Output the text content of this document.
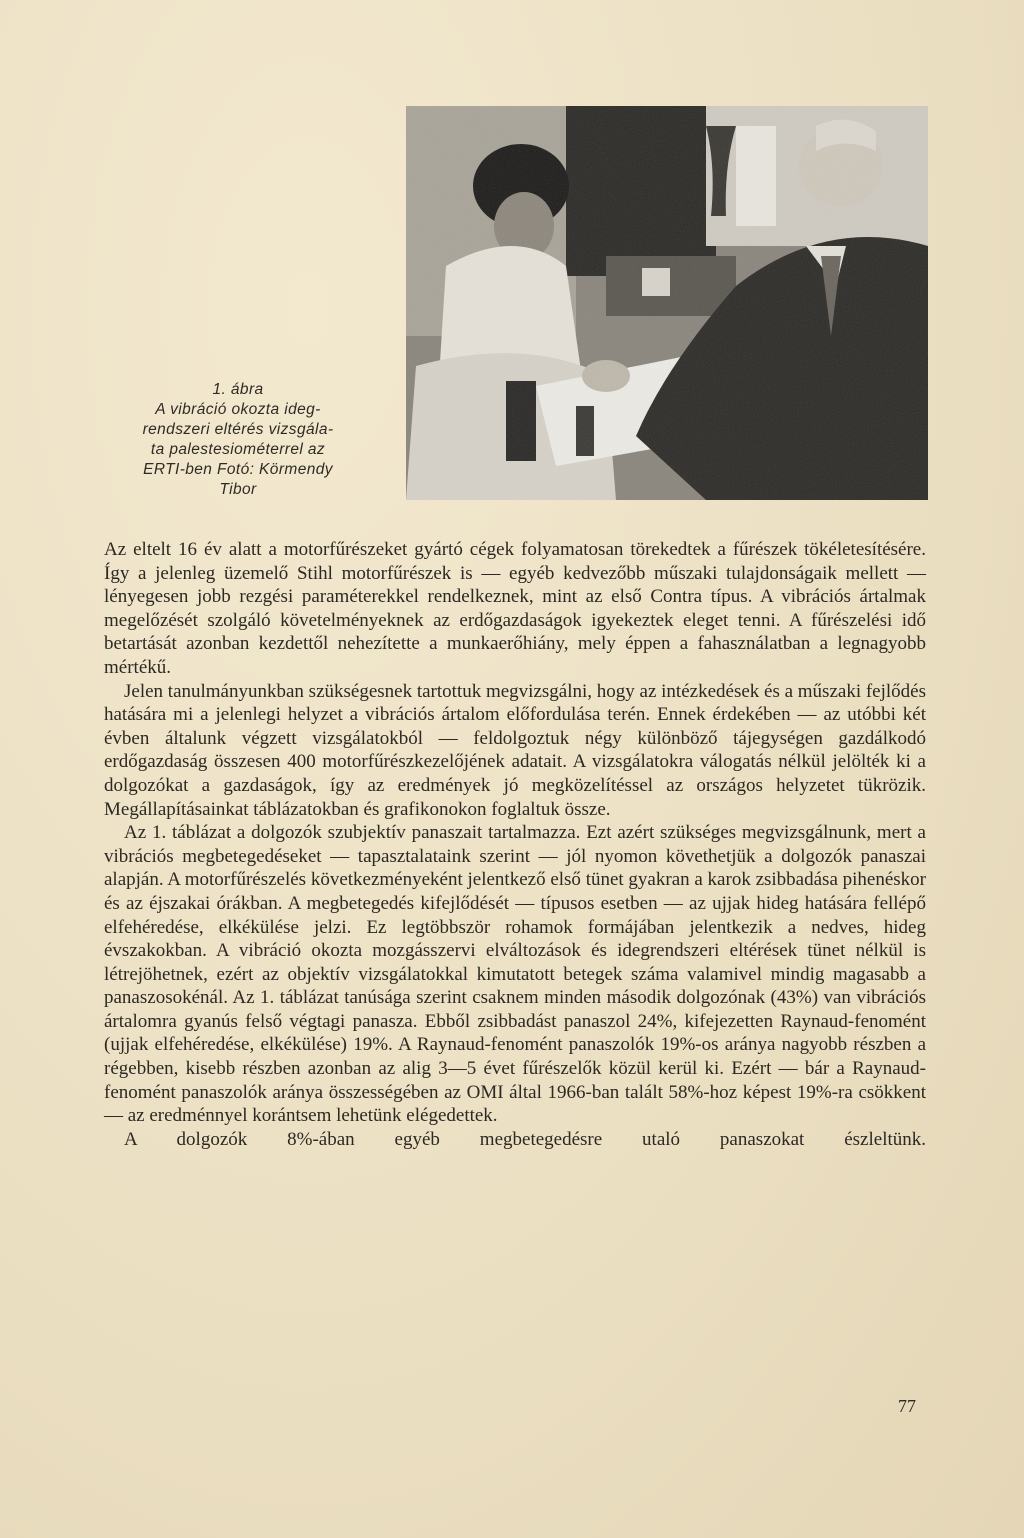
1. ábra
A vibráció okozta ideg-
rendszeri eltérés vizsgála-
ta palestesiométerrel az
ERTI-ben Fotó: Körmendy
Tibor

Az eltelt 16 év alatt a motorfűrészeket gyártó cégek folyamatosan törekedtek a fűrészek tökéletesítésére. Így a jelenleg üzemelő Stihl motorfűrészek is — egyéb kedvezőbb műszaki tulajdonságaik mellett — lényegesen jobb rezgési paraméterekkel rendelkeznek, mint az első Contra típus. A vibrációs ártalmak megelőzését szolgáló követelményeknek az erdőgazdaságok igyekeztek eleget tenni. A fűrészelési idő betartását azonban kezdettől nehezítette a munkaerőhiány, mely éppen a fahasználatban a legnagyobb mértékű.

Jelen tanulmányunkban szükségesnek tartottuk megvizsgálni, hogy az intézkedések és a műszaki fejlődés hatására mi a jelenlegi helyzet a vibrációs ártalom előfordulása terén. Ennek érdekében — az utóbbi két évben általunk végzett vizsgálatokból — feldolgoztuk négy különböző tájegységen gazdálkodó erdőgazdaság összesen 400 motorfűrészkezelőjének adatait. A vizsgálatokra válogatás nélkül jelölték ki a dolgozókat a gazdaságok, így az eredmények jó megközelítéssel az országos helyzetet tükrözik. Megállapításainkat táblázatokban és grafikonokon foglaltuk össze.

Az 1. táblázat a dolgozók szubjektív panaszait tartalmazza. Ezt azért szükséges megvizsgálnunk, mert a vibrációs megbetegedéseket — tapasztalataink szerint — jól nyomon követhetjük a dolgozók panaszai alapján. A motorfűrészelés következményeként jelentkező első tünet gyakran a karok zsibbadása pihenéskor és az éjszakai órákban. A megbetegedés kifejlődését — típusos esetben — az ujjak hideg hatására fellépő elfehéredése, elkékülése jelzi. Ez legtöbbször rohamok formájában jelentkezik a nedves, hideg évszakokban. A vibráció okozta mozgásszervi elváltozások és idegrendszeri eltérések tünet nélkül is létrejöhetnek, ezért az objektív vizsgálatokkal kimutatott betegek száma valamivel mindig magasabb a panaszosokénál. Az 1. táblázat tanúsága szerint csaknem minden második dolgozónak (43%) van vibrációs ártalomra gyanús felső végtagi panasza. Ebből zsibbadást panaszol 24%, kifejezetten Raynaud-fenomént (ujjak elfehéredése, elkékülése) 19%. A Raynaud-fenomént panaszolók 19%-os aránya nagyobb részben a régebben, kisebb részben azonban az alig 3—5 évet fűrészelők közül kerül ki. Ezért — bár a Raynaud-fenomént panaszolók aránya összességében az OMI által 1966-ban talált 58%-hoz képest 19%-ra csökkent — az eredménnyel korántsem lehetünk elégedettek.

A dolgozók 8%-ában egyéb megbetegedésre utaló panaszokat észleltünk.

77
